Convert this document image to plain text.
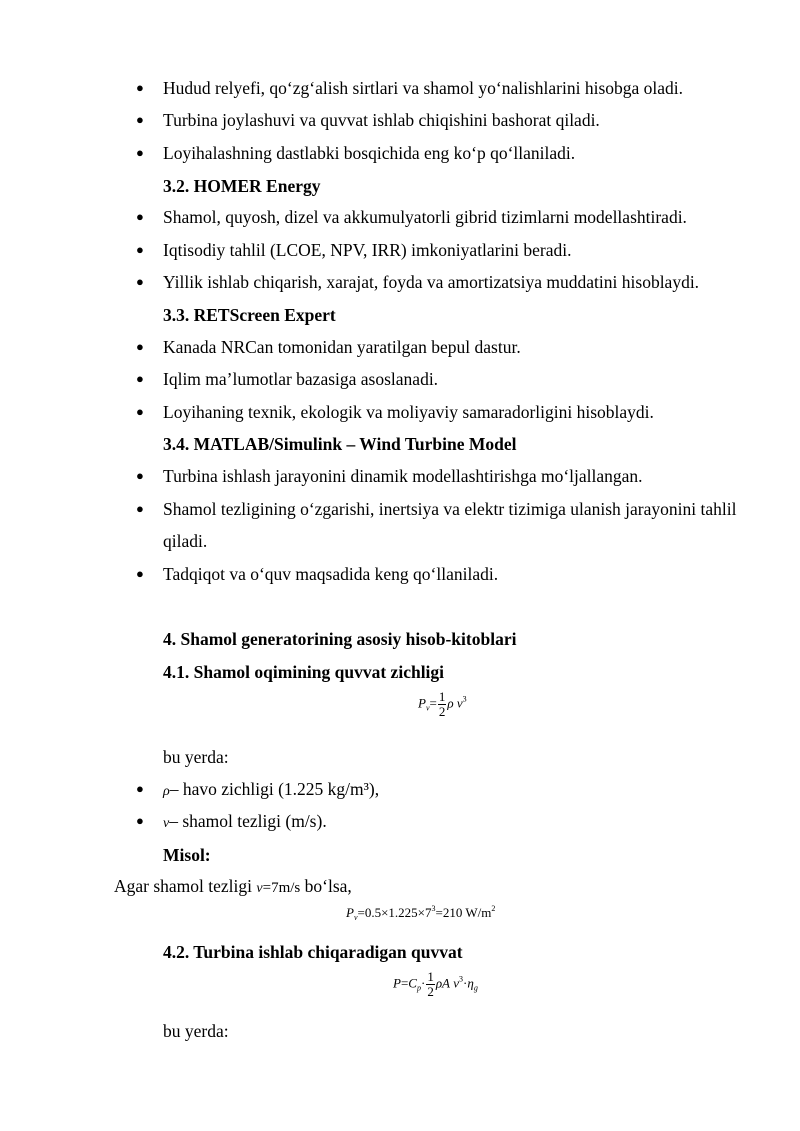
●	Hudud relyefi, qo‘zg‘alish sirtlari va shamol yo‘nalishlarini hisobga oladi.
●	Turbina joylashuvi va quvvat ishlab chiqishini bashorat qiladi.
●	Loyihalashning dastlabki bosqichida eng ko‘p qo‘llaniladi.
3.2. HOMER Energy
●	Shamol, quyosh, dizel va akkumulyatorli gibrid tizimlarni modellashtiradi.
●	Iqtisodiy tahlil (LCOE, NPV, IRR) imkoniyatlarini beradi.
●	Yillik ishlab chiqarish, xarajat, foyda va amortizatsiya muddatini hisoblaydi.
3.3. RETScreen Expert
●	Kanada NRCan tomonidan yaratilgan bepul dastur.
●	Iqlim ma’lumotlar bazasiga asoslanadi.
●	Loyihaning texnik, ekologik va moliyaviy samaradorligini hisoblaydi.
3.4. MATLAB/Simulink – Wind Turbine Model
●	Turbina ishlash jarayonini dinamik modellashtirishga mo‘ljallangan.
●	Shamol tezligining o‘zgarishi, inertsiya va elektr tizimiga ulanish jarayonini tahlil qiladi.
●	Tadqiqot va o‘quv maqsadida keng qo‘llaniladi.
4. Shamol generatorining asosiy hisob-kitoblari
4.1. Shamol oqimining quvvat zichligi
$P_v= \frac{1}{2}$ ρ $v^3$
bu yerda:
●	ρ– havo zichligi (1.225 kg/m³),
●	v– shamol tezligi (m/s).
Misol:
Agar shamol tezligi v=7m/s bo‘lsa,
$P_v=0.5\times 1.225\times 7^3=210$ $W/m^2$
4.2. Turbina ishlab chiqaradigan quvvat
$P=C_p\cdot \frac{1}{2}$ ρA $v^3\cdot\eta_g$
bu yerda:
